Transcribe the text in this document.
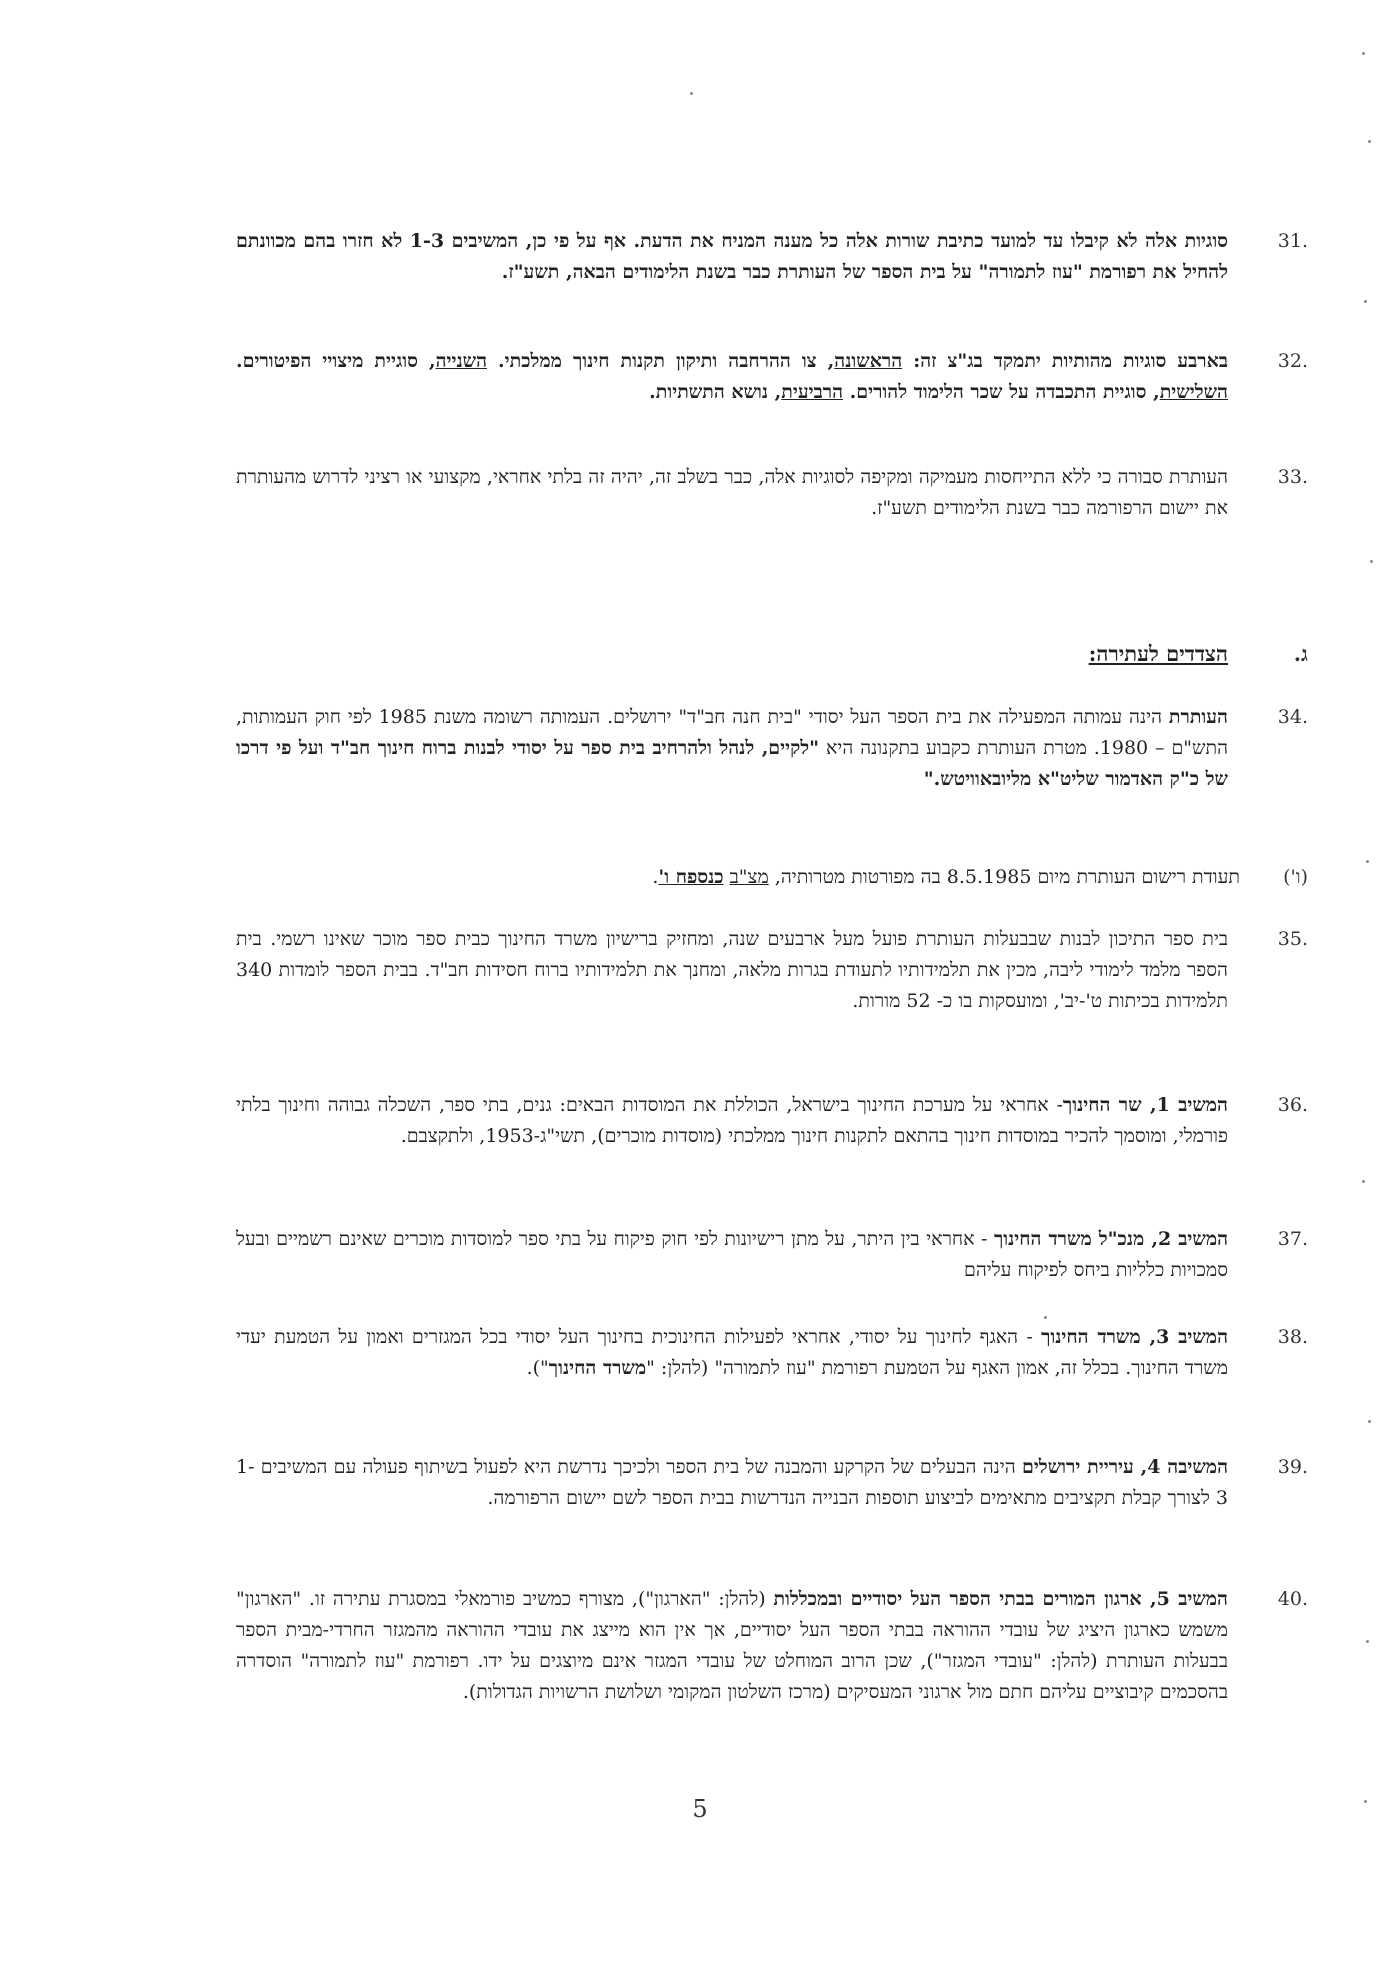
31.

סוגיות אלה לא קיבלו עד למועד כתיבת שורות אלה כל מענה המניח את הדעת. אף על פי כן, המשיבים 1-3 לא חזרו בהם מכוונתם להחיל את רפורמת "עוז לתמורה" על בית הספר של העותרת כבר בשנת הלימודים הבאה, תשע"ז.

32.

בארבע סוגיות מהותיות יתמקד בג"צ זה: הראשונה, צו ההרחבה ותיקון תקנות חינוך ממלכתי. השנייה, סוגיית מיצויי הפיטורים. השלישית, סוגיית התכבדה על שכר הלימוד להורים. הרביעית, נושא התשתיות.

33.

העותרת סבורה כי ללא התייחסות מעמיקה ומקיפה לסוגיות אלה, כבר בשלב זה, יהיה זה בלתי אחראי, מקצועי או רציני לדרוש מהעותרת את יישום הרפורמה כבר בשנת הלימודים תשע"ז.

ג.

הצדדים לעתירה:

34.

העותרת הינה עמותה המפעילה את בית הספר העל יסודי "בית חנה חב"ד" ירושלים. העמותה רשומה משנת 1985 לפי חוק העמותות, התש"ם – 1980. מטרת העותרת כקבוע בתקנונה היא "לקיים, לנהל ולהרחיב בית ספר על יסודי לבנות ברוח חינוך חב"ד ועל פי דרכו של כ"ק האדמור שליט"א מליובאוויטש."

(ו')

תעודת רישום העותרת מיום 8.5.1985 בה מפורטות מטרותיה, מצ"ב כנספח ו'.

35.

בית ספר התיכון לבנות שבבעלות העותרת פועל מעל ארבעים שנה, ומחזיק ברישיון משרד החינוך כבית ספר מוכר שאינו רשמי. בית הספר מלמד לימודי ליבה, מכין את תלמידותיו לתעודת בגרות מלאה, ומחנך את תלמידותיו ברוח חסידות חב"ד. בבית הספר לומדות 340 תלמידות בכיתות ט'-יב', ומועסקות בו כ- 52 מורות.

36.

המשיב 1, שר החינוך- אחראי על מערכת החינוך בישראל, הכוללת את המוסדות הבאים: גנים, בתי ספר, השכלה גבוהה וחינוך בלתי פורמלי, ומוסמך להכיר במוסדות חינוך בהתאם לתקנות חינוך ממלכתי (מוסדות מוכרים), תשי"ג-1953, ולתקצבם.

37.

המשיב 2, מנכ"ל משרד החינוך - אחראי בין היתר, על מתן רישיונות לפי חוק פיקוח על בתי ספר למוסדות מוכרים שאינם רשמיים ובעל סמכויות כלליות ביחס לפיקוח עליהם

38.

המשיב 3, משרד החינוך - האגף לחינוך על יסודי, אחראי לפעילות החינוכית בחינוך העל יסודי בכל המגזרים ואמון על הטמעת יעדי משרד החינוך. בכלל זה, אמון האגף על הטמעת רפורמת "עוז לתמורה" (להלן: "משרד החינוך").

39.

המשיבה 4, עיריית ירושלים הינה הבעלים של הקרקע והמבנה של בית הספר ולכיכך נדרשת היא לפעול בשיתוף פעולה עם המשיבים 1-3 לצורך קבלת תקציבים מתאימים לביצוע תוספות הבנייה הנדרשות בבית הספר לשם יישום הרפורמה.

40.

המשיב 5, ארגון המורים בבתי הספר העל יסודיים ובמכללות (להלן: "הארגון"), מצורף כמשיב פורמאלי במסגרת עתירה זו. "הארגון" משמש כארגון היציג של עובדי ההוראה בבתי הספר העל יסודיים, אך אין הוא מייצג את עובדי ההוראה מהמגזר החרדי-מבית הספר בבעלות העותרת (להלן: "עובדי המגזר"), שכן הרוב המוחלט של עובדי המגזר אינם מיוצגים על ידו. רפורמת "עוז לתמורה" הוסדרה בהסכמים קיבוציים עליהם חתם מול ארגוני המעסיקים (מרכז השלטון המקומי ושלושת הרשויות הגדולות).

5
